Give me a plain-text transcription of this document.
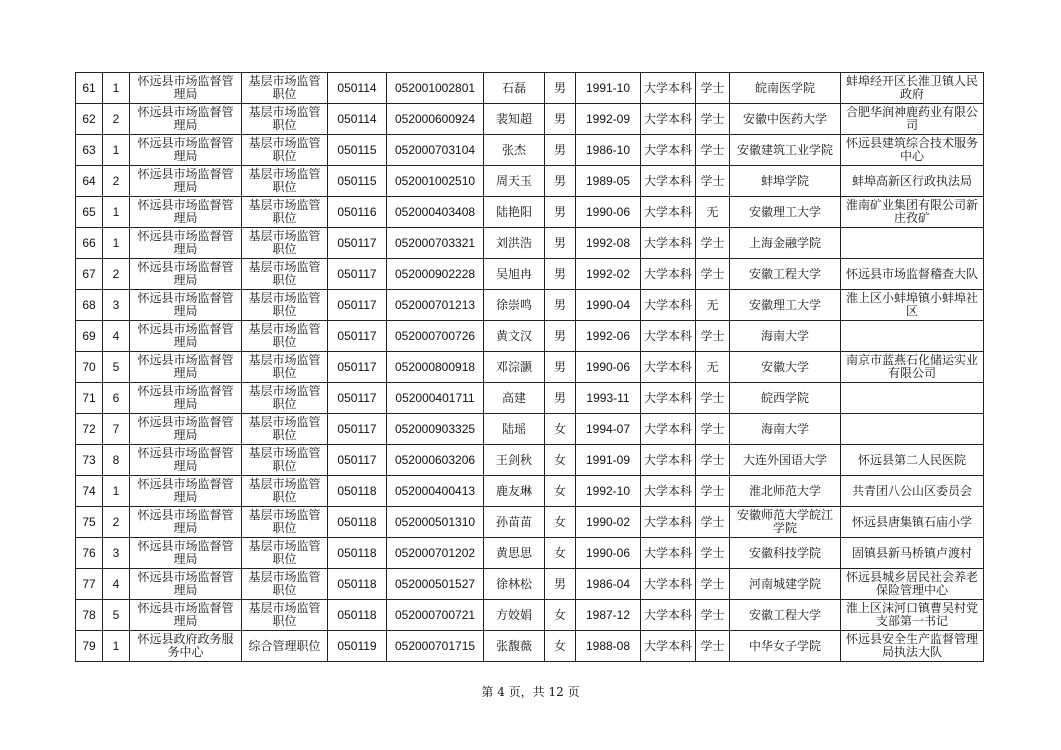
61	1	怀远县市场监督管理局	基层市场监管职位	050114	052001002801	石磊	男	1991-10	大学本科	学士	皖南医学院	蚌埠经开区长淮卫镇人民政府
62	2	怀远县市场监督管理局	基层市场监管职位	050114	052000600924	裴知超	男	1992-09	大学本科	学士	安徽中医药大学	合肥华润神鹿药业有限公司
63	1	怀远县市场监督管理局	基层市场监管职位	050115	052000703104	张杰	男	1986-10	大学本科	学士	安徽建筑工业学院	怀远县建筑综合技术服务中心
64	2	怀远县市场监督管理局	基层市场监管职位	050115	052001002510	周天玉	男	1989-05	大学本科	学士	蚌埠学院	蚌埠高新区行政执法局
65	1	怀远县市场监督管理局	基层市场监管职位	050116	052000403408	陆艳阳	男	1990-06	大学本科	无	安徽理工大学	淮南矿业集团有限公司新庄孜矿
66	1	怀远县市场监督管理局	基层市场监管职位	050117	052000703321	刘洪浩	男	1992-08	大学本科	学士	上海金融学院	
67	2	怀远县市场监督管理局	基层市场监管职位	050117	052000902228	吴旭冉	男	1992-02	大学本科	学士	安徽工程大学	怀远县市场监督稽查大队
68	3	怀远县市场监督管理局	基层市场监管职位	050117	052000701213	徐崇鸣	男	1990-04	大学本科	无	安徽理工大学	淮上区小蚌埠镇小蚌埠社区
69	4	怀远县市场监督管理局	基层市场监管职位	050117	052000700726	黄文汉	男	1992-06	大学本科	学士	海南大学	
70	5	怀远县市场监督管理局	基层市场监管职位	050117	052000800918	邓淙灏	男	1990-06	大学本科	无	安徽大学	南京市蓝燕石化储运实业有限公司
71	6	怀远县市场监督管理局	基层市场监管职位	050117	052000401711	高建	男	1993-11	大学本科	学士	皖西学院	
72	7	怀远县市场监督管理局	基层市场监管职位	050117	052000903325	陆瑶	女	1994-07	大学本科	学士	海南大学	
73	8	怀远县市场监督管理局	基层市场监管职位	050117	052000603206	王剑秋	女	1991-09	大学本科	学士	大连外国语大学	怀远县第二人民医院
74	1	怀远县市场监督管理局	基层市场监管职位	050118	052000400413	鹿友琳	女	1992-10	大学本科	学士	淮北师范大学	共青团八公山区委员会
75	2	怀远县市场监督管理局	基层市场监管职位	050118	052000501310	孙苗苗	女	1990-02	大学本科	学士	安徽师范大学皖江学院	怀远县唐集镇石庙小学
76	3	怀远县市场监督管理局	基层市场监管职位	050118	052000701202	黄思思	女	1990-06	大学本科	学士	安徽科技学院	固镇县新马桥镇卢渡村
77	4	怀远县市场监督管理局	基层市场监管职位	050118	052000501527	徐林松	男	1986-04	大学本科	学士	河南城建学院	怀远县城乡居民社会养老保险管理中心
78	5	怀远县市场监督管理局	基层市场监管职位	050118	052000700721	方姣娟	女	1987-12	大学本科	学士	安徽工程大学	淮上区沫河口镇曹吴村党支部第一书记
79	1	怀远县政府政务服务中心	综合管理职位	050119	052000701715	张馥薇	女	1988-08	大学本科	学士	中华女子学院	怀远县安全生产监督管理局执法大队
第 4 页，共 12 页
